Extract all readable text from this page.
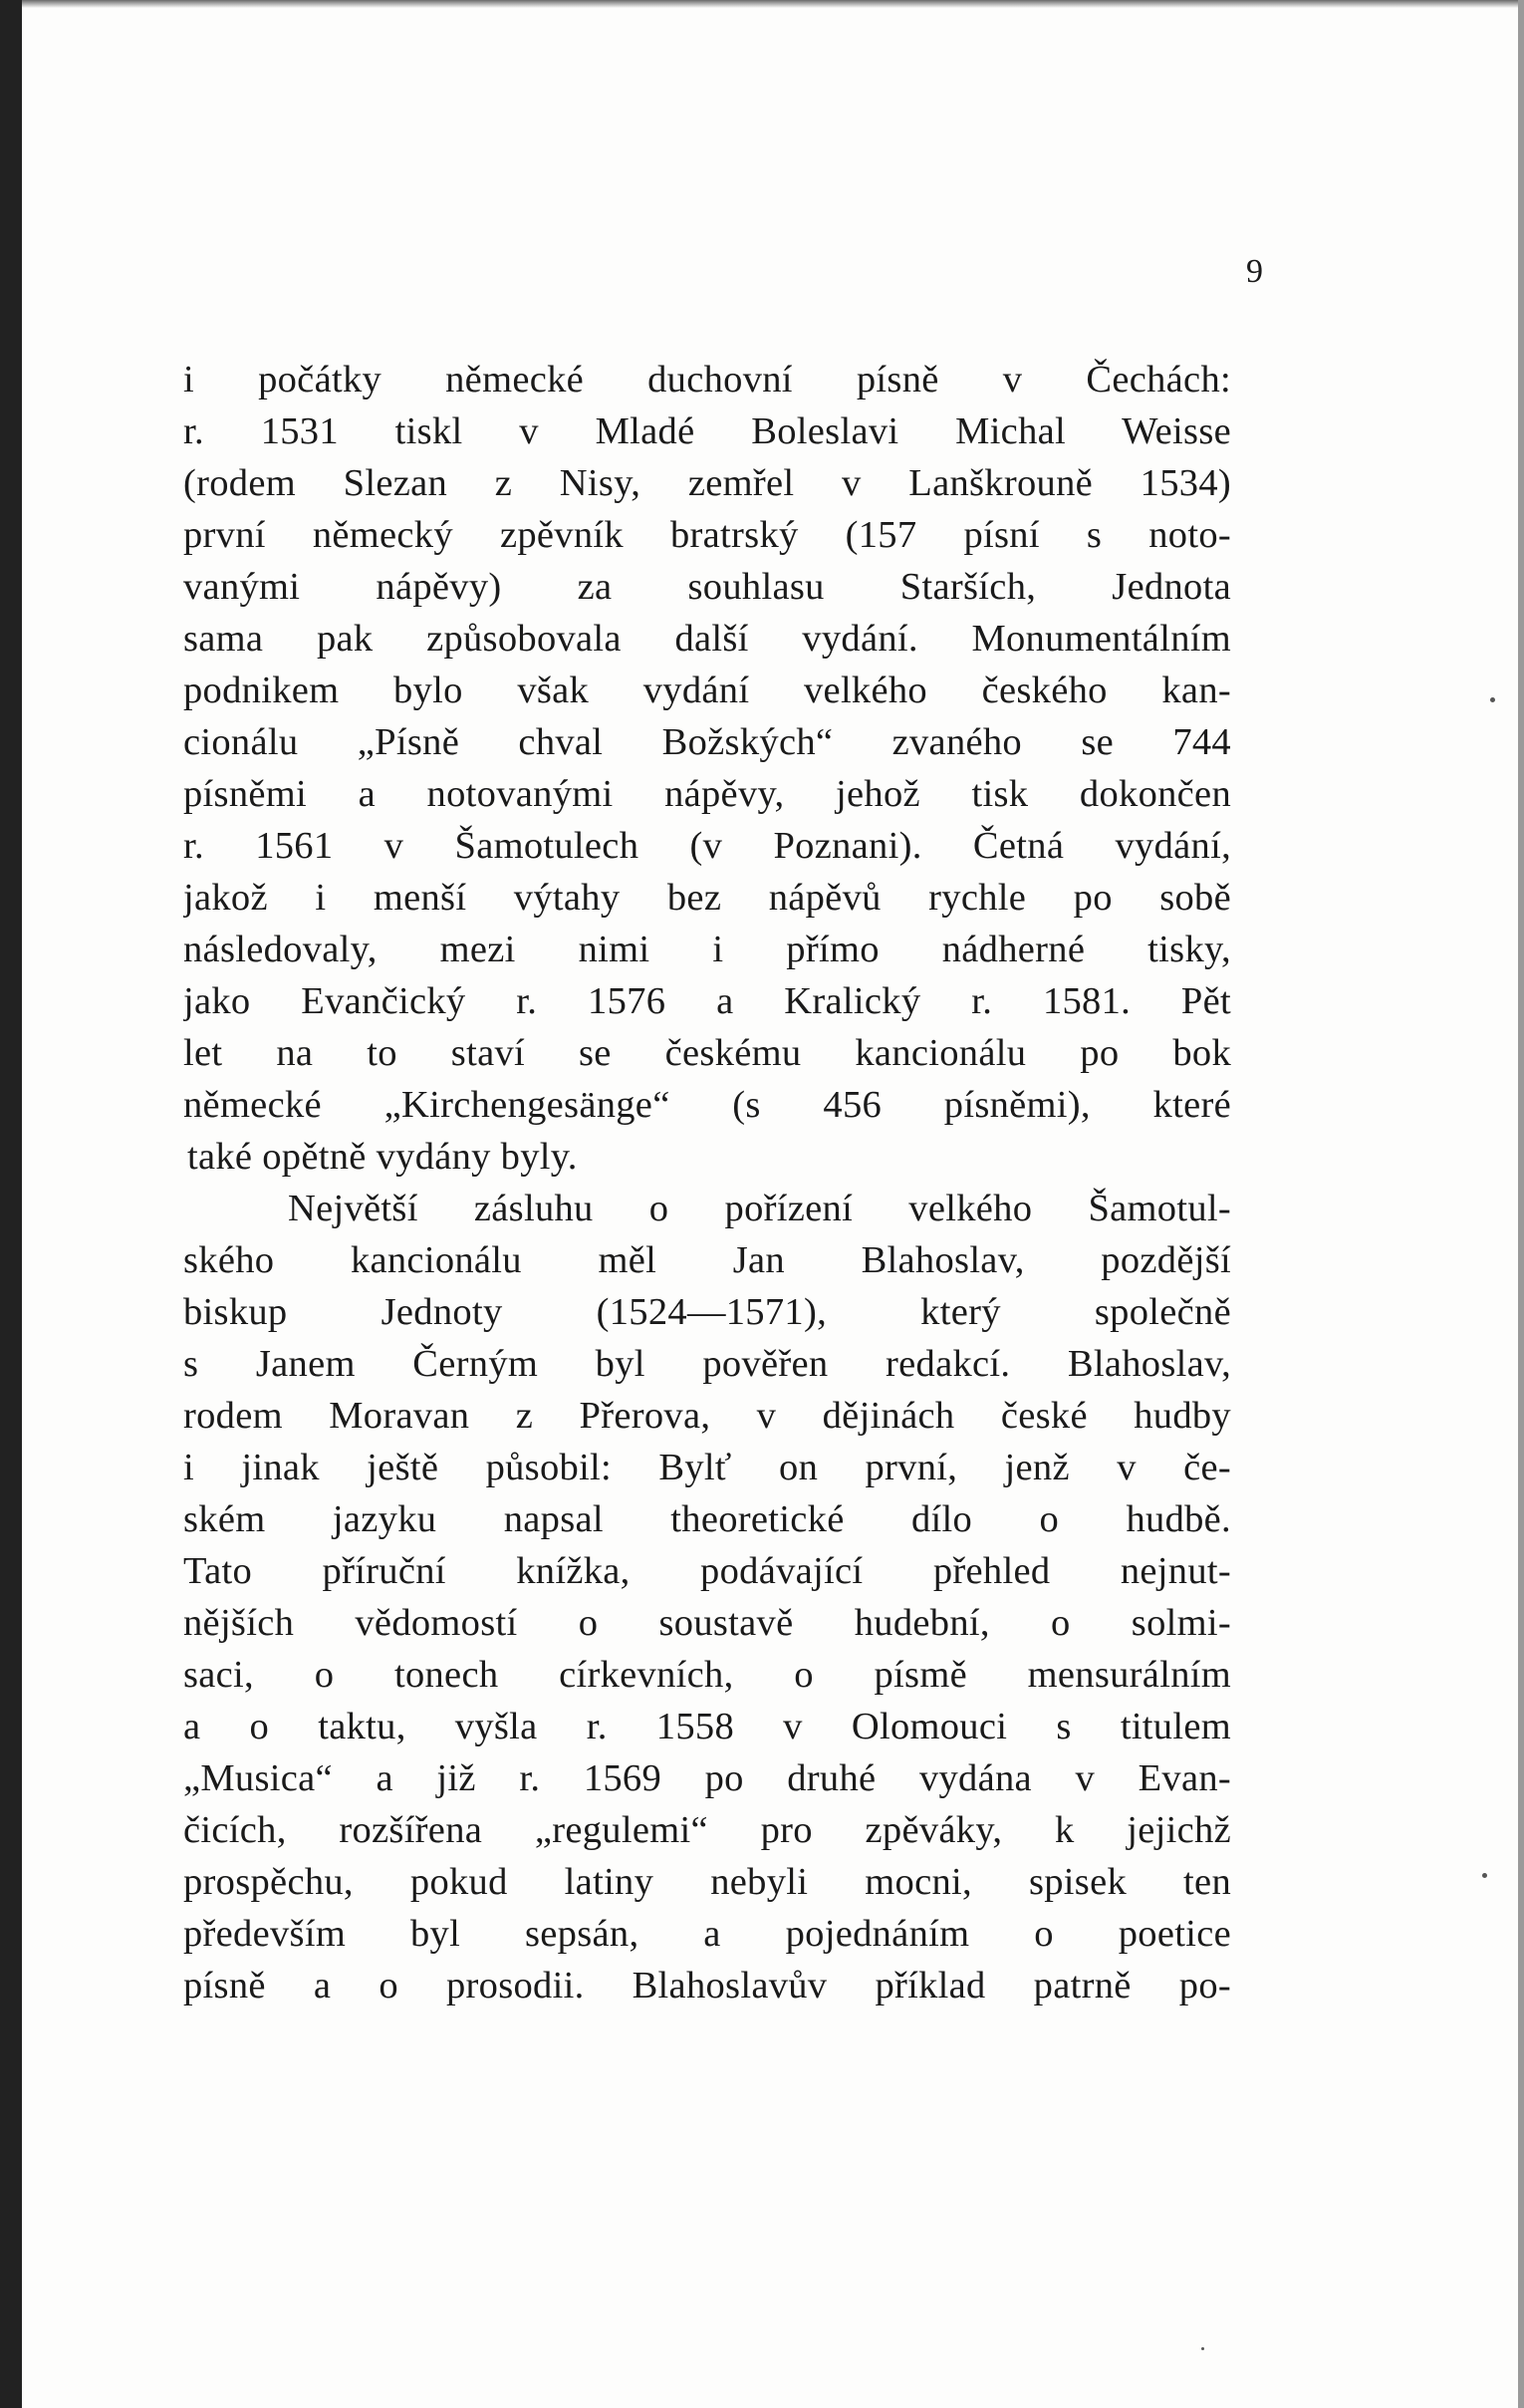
9
i počátky německé duchovní písně v Čechách:
r. 1531 tiskl v Mladé Boleslavi Michal Weisse
(rodem Slezan z Nisy, zemřel v Lanškrouně 1534)
první německý zpěvník bratrský (157 písní s noto-
vanými nápěvy) za souhlasu Starších, Jednota
sama pak způsobovala další vydání. Monumentálním
podnikem bylo však vydání velkého českého kan-
cionálu „Písně chval Božských“ zvaného se 744
písněmi a notovanými nápěvy, jehož tisk dokončen
r. 1561 v Šamotulech (v Poznani). Četná vydání,
jakož i menší výtahy bez nápěvů rychle po sobě
následovaly, mezi nimi i přímo nádherné tisky,
jako Evančický r. 1576 a Kralický r. 1581. Pět
let na to staví se českému kancionálu po bok
německé „Kirchengesänge“ (s 456 písněmi), které
také opětně vydány byly.
Největší zásluhu o pořízení velkého Šamotul-
ského kancionálu měl Jan Blahoslav, pozdější
biskup Jednoty (1524—1571), který společně
s Janem Černým byl pověřen redakcí. Blahoslav,
rodem Moravan z Přerova, v dějinách české hudby
i jinak ještě působil: Bylť on první, jenž v če-
ském jazyku napsal theoretické dílo o hudbě.
Tato příruční knížka, podávající přehled nejnut-
nějších vědomostí o soustavě hudební, o solmi-
saci, o tonech církevních, o písmě mensurálním
a o taktu, vyšla r. 1558 v Olomouci s titulem
„Musica“ a již r. 1569 po druhé vydána v Evan-
čicích, rozšířena „regulemi“ pro zpěváky, k jejichž
prospěchu, pokud latiny nebyli mocni, spisek ten
především byl sepsán, a pojednáním o poetice
písně a o prosodii. Blahoslavův příklad patrně po-
